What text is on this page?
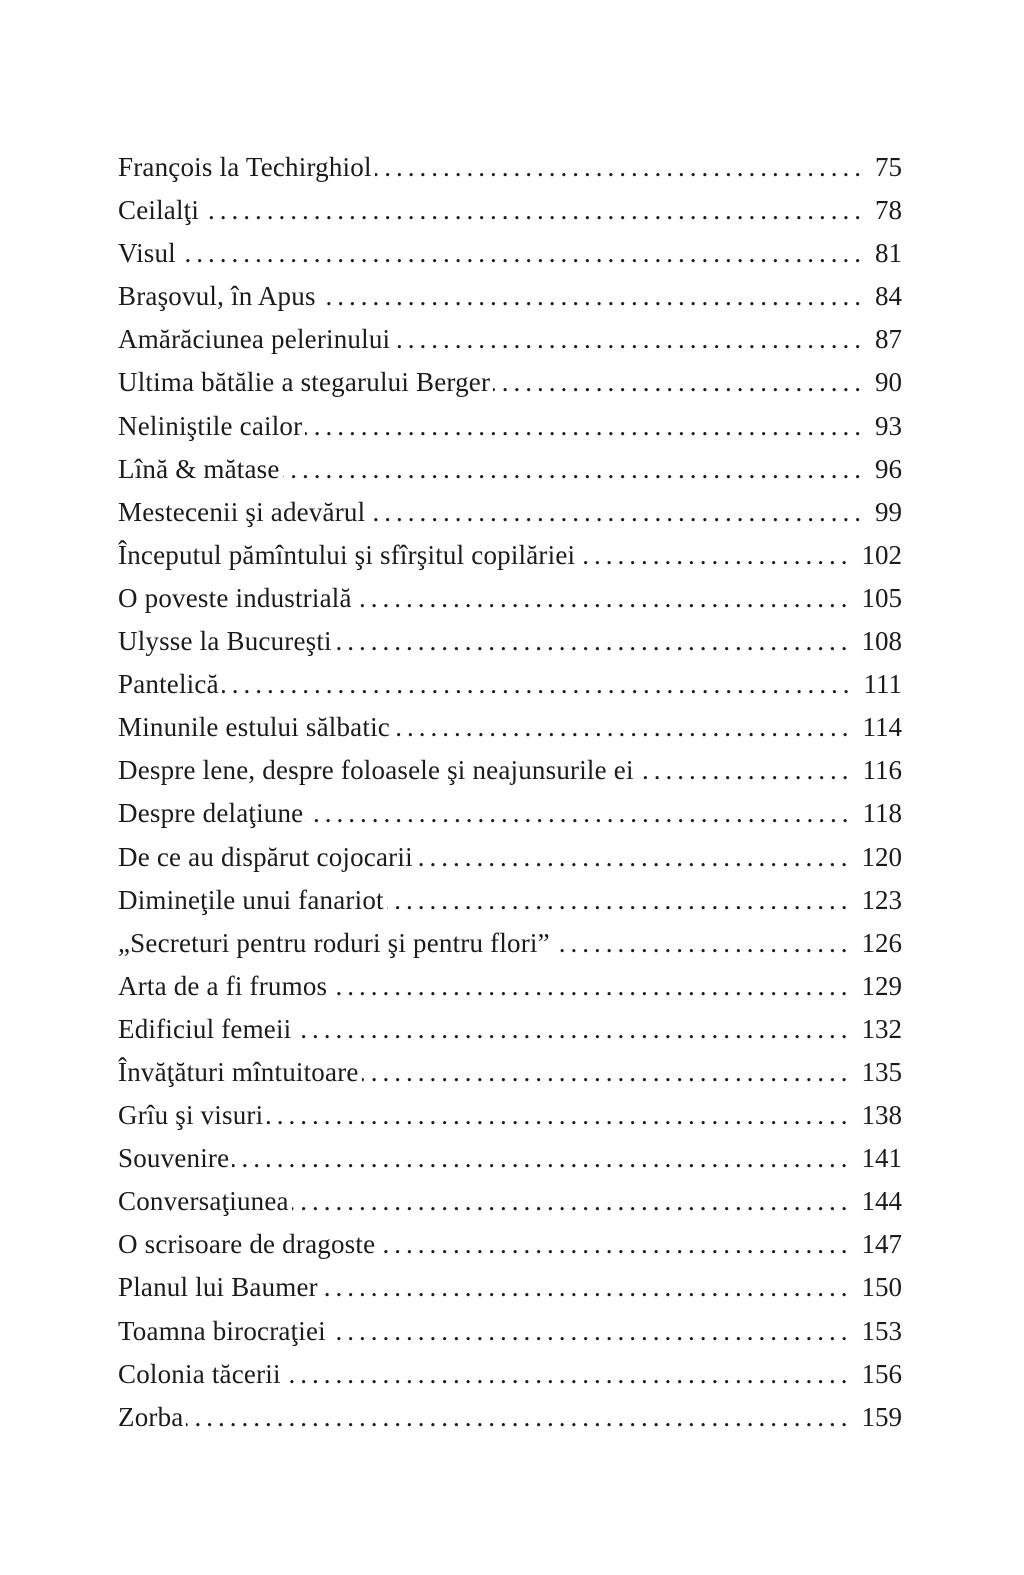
François la Techirghiol .....	75
Ceilalţi .....	78
Visul .....	81
Braşovul, în Apus .....	84
Amărăciunea pelerinului .....	87
Ultima bătălie a stegarului Berger .....	90
Neliniştile cailor .....	93
Lînă & mătase .....	96
Mestecenii şi adevărul .....	99
Începutul pămîntului şi sfîrşitul copilăriei .....	102
O poveste industrială .....	105
Ulysse la Bucureşti .....	108
Pantelică .....	111
Minunile estului sălbatic .....	114
Despre lene, despre foloasele şi neajunsurile ei .....	116
Despre delaţiune .....	118
De ce au dispărut cojocarii .....	120
Dimineţile unui fanariot .....	123
„Secreturi pentru roduri şi pentru flori” .....	126
Arta de a fi frumos .....	129
Edificiul femeii .....	132
Învăţături mîntuitoare .....	135
Grîu şi visuri .....	138
Souvenire .....	141
Conversaţiunea .....	144
O scrisoare de dragoste .....	147
Planul lui Baumer .....	150
Toamna birocraţiei .....	153
Colonia tăcerii .....	156
Zorba .....	159
